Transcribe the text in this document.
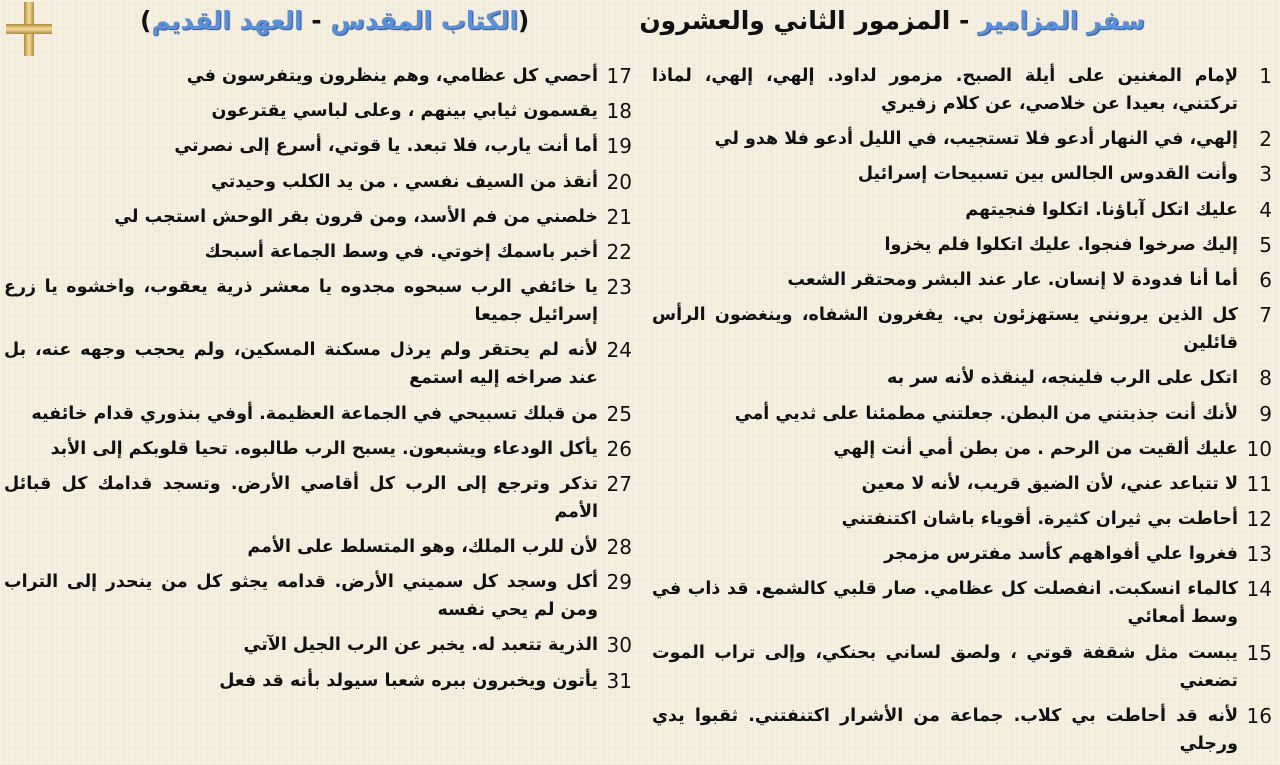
سفر المزامير - المزمور الثاني والعشرون
(الكتاب المقدس - العهد القديم)
1
لإمام المغنين على أيلة الصبح. مزمور لداود. إلهي، إلهي، لماذا تركتني، بعيدا عن خلاصي، عن كلام زفيري
2
إلهي، في النهار أدعو فلا تستجيب، في الليل أدعو فلا هدو لي
3
وأنت القدوس الجالس بين تسبيحات إسرائيل
4
عليك اتكل آباؤنا. اتكلوا فنجيتهم
5
إليك صرخوا فنجوا. عليك اتكلوا فلم يخزوا
6
أما أنا فدودة لا إنسان. عار عند البشر ومحتقر الشعب
7
كل الذين يرونني يستهزئون بي. يفغرون الشفاه، وينغضون الرأس قائلين
8
اتكل على الرب فلينجه، لينقذه لأنه سر به
9
لأنك أنت جذبتني من البطن. جعلتني مطمئنا على ثديي أمي
10
عليك ألقيت من الرحم . من بطن أمي أنت إلهي
11
لا تتباعد عني، لأن الضيق قريب، لأنه لا معين
12
أحاطت بي ثيران كثيرة. أقوياء باشان اكتنفتني
13
فغروا علي أفواههم كأسد مفترس مزمجر
14
كالماء انسكبت. انفصلت كل عظامي. صار قلبي كالشمع. قد ذاب في وسط أمعائي
15
يبست مثل شقفة قوتي ، ولصق لساني بحنكي، وإلى تراب الموت تضعني
16
لأنه قد أحاطت بي كلاب. جماعة من الأشرار اكتنفتني. ثقبوا يدي ورجلي
17
أحصي كل عظامي، وهم ينظرون ويتفرسون في
18
يقسمون ثيابي بينهم ، وعلى لباسي يقترعون
19
أما أنت يارب، فلا تبعد. يا قوتي، أسرع إلى نصرتي
20
أنقذ من السيف نفسي . من يد الكلب وحيدتي
21
خلصني من فم الأسد، ومن قرون بقر الوحش استجب لي
22
أخبر باسمك إخوتي. في وسط الجماعة أسبحك
23
يا خائفي الرب سبحوه مجدوه يا معشر ذرية يعقوب، واخشوه يا زرع إسرائيل جميعا
24
لأنه لم يحتقر ولم يرذل مسكنة المسكين، ولم يحجب وجهه عنه، بل عند صراخه إليه استمع
25
من قبلك تسبيحي في الجماعة العظيمة. أوفي بنذوري قدام خائفيه
26
يأكل الودعاء ويشبعون. يسبح الرب طالبوه. تحيا قلوبكم إلى الأبد
27
تذكر وترجع إلى الرب كل أقاصي الأرض. وتسجد قدامك كل قبائل الأمم
28
لأن للرب الملك، وهو المتسلط على الأمم
29
أكل وسجد كل سميني الأرض. قدامه يجثو كل من ينحدر إلى التراب ومن لم يحي نفسه
30
الذرية تتعبد له. يخبر عن الرب الجيل الآتي
31
يأتون ويخبرون ببره شعبا سيولد بأنه قد فعل
